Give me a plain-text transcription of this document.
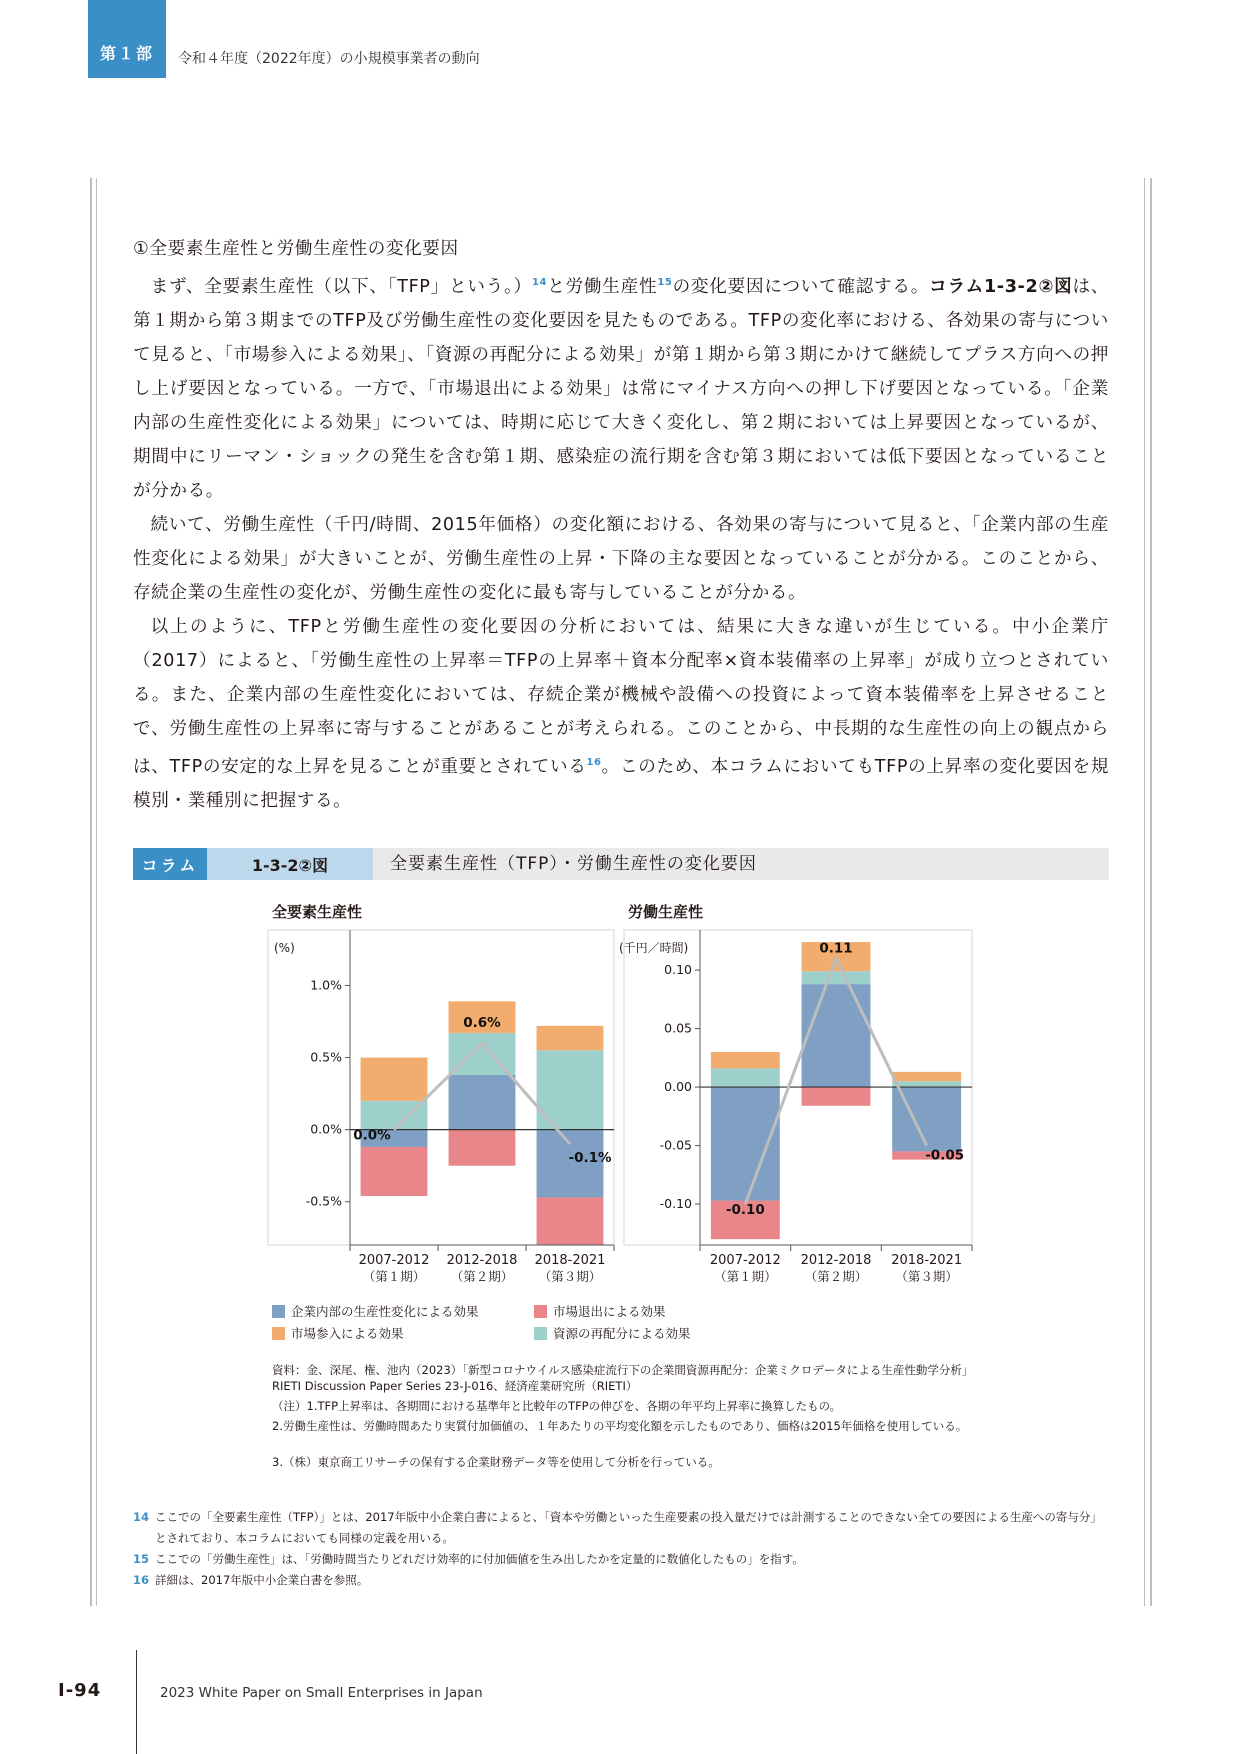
第１部	令和４年度（2022年度）の小規模事業者の動向

①全要素生産性と労働生産性の変化要因

まず、全要素生産性（以下、「TFP」という。）$^{14}$と労働生産性$^{15}$の変化要因について確認する。コラム1-3-2②図は、第１期から第３期までのTFP及び労働生産性の変化要因を見たものである。TFPの変化率における、各効果の寄与について見ると、「市場参入による効果」、「資源の再配分による効果」が第１期から第３期にかけて継続してプラス方向への押し上げ要因となっている。一方で、「市場退出による効果」は常にマイナス方向への押し下げ要因となっている。「企業内部の生産性変化による効果」については、時期に応じて大きく変化し、第２期においては上昇要因となっているが、期間中にリーマン・ショックの発生を含む第１期、感染症の流行期を含む第３期においては低下要因となっていることが分かる。

続いて、労働生産性（千円/時間、2015年価格）の変化額における、各効果の寄与について見ると、「企業内部の生産性変化による効果」が大きいことが、労働生産性の上昇・下降の主な要因となっていることが分かる。このことから、存続企業の生産性の変化が、労働生産性の変化に最も寄与していることが分かる。

以上のように、TFPと労働生産性の変化要因の分析においては、結果に大きな違いが生じている。中小企業庁（2017）によると、「労働生産性の上昇率＝TFPの上昇率＋資本分配率×資本装備率の上昇率」が成り立つとされている。また、企業内部の生産性変化においては、存続企業が機械や設備への投資によって資本装備率を上昇させることで、労働生産性の上昇率に寄与することがあることが考えられる。このことから、中長期的な生産性の向上の観点からは、TFPの安定的な上昇を見ることが重要とされている$^{16}$。このため、本コラムにおいてもTFPの上昇率の変化要因を規模別・業種別に把握する。

コラム	1-3-2②図	全要素生産性（TFP）・労働生産性の変化要因
全要素生産性
(%)
1.0%
0.5%
0.0%
-0.5%
2007-2012
（第１期）
2012-2018
（第２期）
2018-2021
（第３期）
0.0%
0.6%
-0.1%
労働生産性
(千円／時間)
0.10
0.05
0.00
-0.05
-0.10
2007-2012
（第１期）
2012-2018
（第２期）
2018-2021
（第３期）
-0.10
0.11
-0.05
企業内部の生産性変化による効果	市場退出による効果
市場参入による効果	資源の再配分による効果
資料：金、深尾、権、池内（2023）「新型コロナウイルス感染症流行下の企業間資源再配分：企業ミクロデータによる生産性動学分析」RIETI Discussion Paper Series 23-J-016、経済産業研究所（RIETI）
（注）1.TFP上昇率は、各期間における基準年と比較年のTFPの伸びを、各期の年平均上昇率に換算したもの。
2.労働生産性は、労働時間あたり実質付加価値の、１年あたりの平均変化額を示したものであり、価格は2015年価格を使用している。
3.（株）東京商工リサーチの保有する企業財務データ等を使用して分析を行っている。
14 ここでの「全要素生産性（TFP）」とは、2017年版中小企業白書によると、「資本や労働といった生産要素の投入量だけでは計測することのできない全ての要因による生産への寄与分」とされており、本コラムにおいても同様の定義を用いる。
15 ここでの「労働生産性」は、「労働時間当たりどれだけ効率的に付加価値を生み出したかを定量的に数値化したもの」を指す。
16 詳細は、2017年版中小企業白書を参照。
Ⅰ-94	2023 White Paper on Small Enterprises in Japan
